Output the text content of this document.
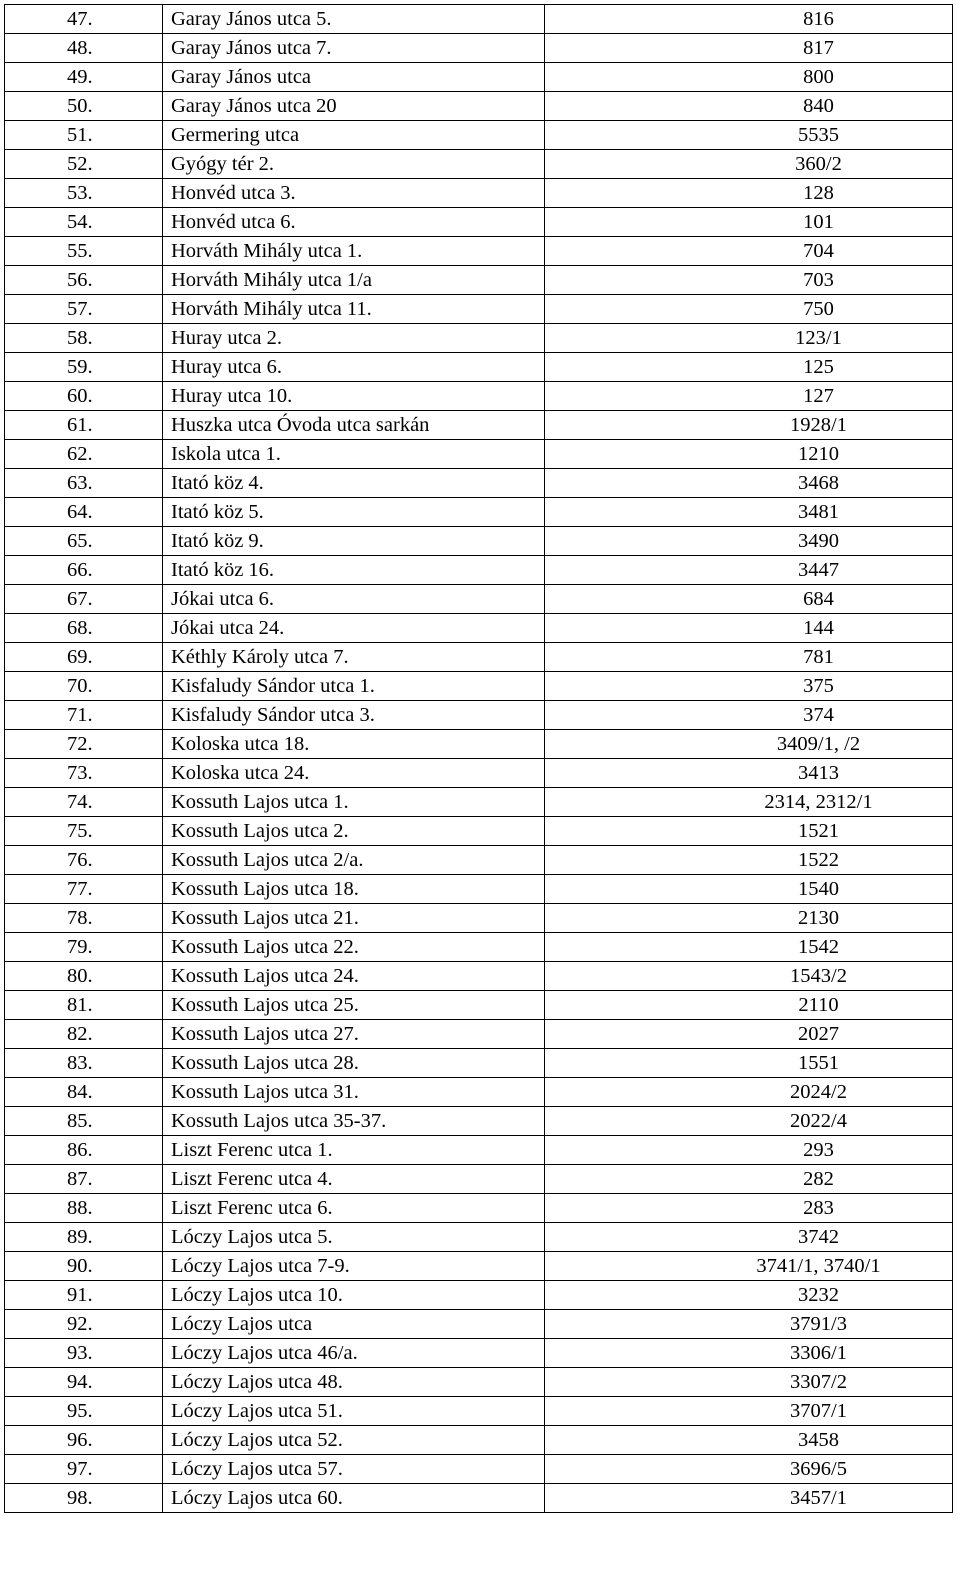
47.	Garay János utca 5.	816
48.	Garay János utca 7.	817
49.	Garay János utca	800
50.	Garay János utca 20	840
51.	Germering utca	5535
52.	Gyógy tér 2.	360/2
53.	Honvéd utca 3.	128
54.	Honvéd utca 6.	101
55.	Horváth Mihály utca 1.	704
56.	Horváth Mihály utca 1/a	703
57.	Horváth Mihály utca 11.	750
58.	Huray utca 2.	123/1
59.	Huray utca 6.	125
60.	Huray utca 10.	127
61.	Huszka utca Óvoda utca sarkán	1928/1
62.	Iskola utca 1.	1210
63.	Itató köz 4.	3468
64.	Itató köz 5.	3481
65.	Itató köz 9.	3490
66.	Itató köz 16.	3447
67.	Jókai utca 6.	684
68.	Jókai utca 24.	144
69.	Kéthly Károly utca 7.	781
70.	Kisfaludy Sándor utca 1.	375
71.	Kisfaludy Sándor utca 3.	374
72.	Koloska utca 18.	3409/1, /2
73.	Koloska utca 24.	3413
74.	Kossuth Lajos utca 1.	2314, 2312/1
75.	Kossuth Lajos utca 2.	1521
76.	Kossuth Lajos utca 2/a.	1522
77.	Kossuth Lajos utca 18.	1540
78.	Kossuth Lajos utca 21.	2130
79.	Kossuth Lajos utca 22.	1542
80.	Kossuth Lajos utca 24.	1543/2
81.	Kossuth Lajos utca 25.	2110
82.	Kossuth Lajos utca 27.	2027
83.	Kossuth Lajos utca 28.	1551
84.	Kossuth Lajos utca 31.	2024/2
85.	Kossuth Lajos utca 35-37.	2022/4
86.	Liszt Ferenc utca 1.	293
87.	Liszt Ferenc utca 4.	282
88.	Liszt Ferenc utca 6.	283
89.	Lóczy Lajos utca 5.	3742
90.	Lóczy Lajos utca 7-9.	3741/1, 3740/1
91.	Lóczy Lajos utca 10.	3232
92.	Lóczy Lajos utca	3791/3
93.	Lóczy Lajos utca 46/a.	3306/1
94.	Lóczy Lajos utca 48.	3307/2
95.	Lóczy Lajos utca 51.	3707/1
96.	Lóczy Lajos utca 52.	3458
97.	Lóczy Lajos utca 57.	3696/5
98.	Lóczy Lajos utca 60.	3457/1
